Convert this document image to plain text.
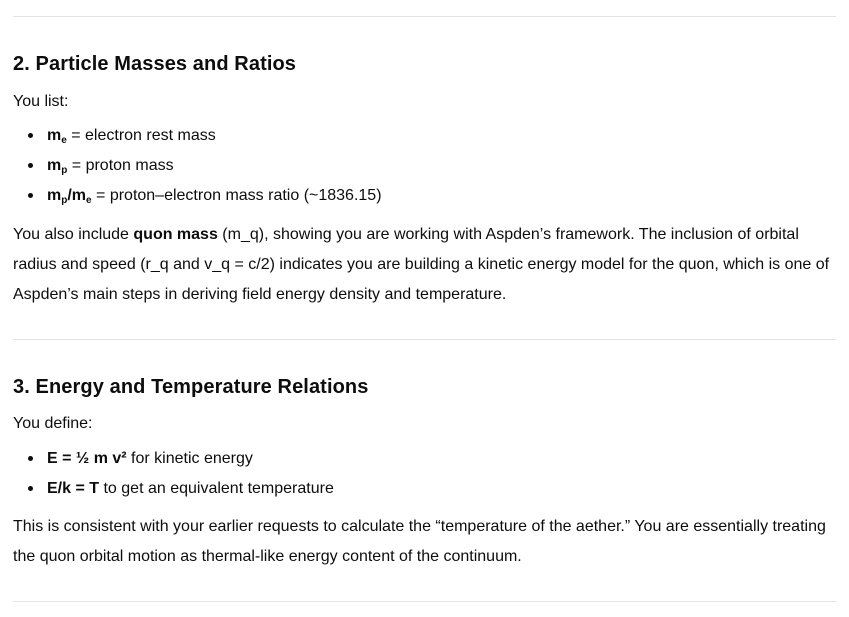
2. Particle Masses and Ratios

You list:

$m_e$ = electron rest mass
$m_p$ = proton mass
$m_p/m_e$ = proton–electron mass ratio (~1836.15)

You also include quon mass (m_q), showing you are working with Aspden’s framework. The inclusion of orbital radius and speed (r_q and v_q = c/2) indicates you are building a kinetic energy model for the quon, which is one of Aspden’s main steps in deriving field energy density and temperature.

3. Energy and Temperature Relations

You define:

E = ½ m v² for kinetic energy
E/k = T to get an equivalent temperature

This is consistent with your earlier requests to calculate the “temperature of the aether.” You are essentially treating the quon orbital motion as thermal-like energy content of the continuum.
